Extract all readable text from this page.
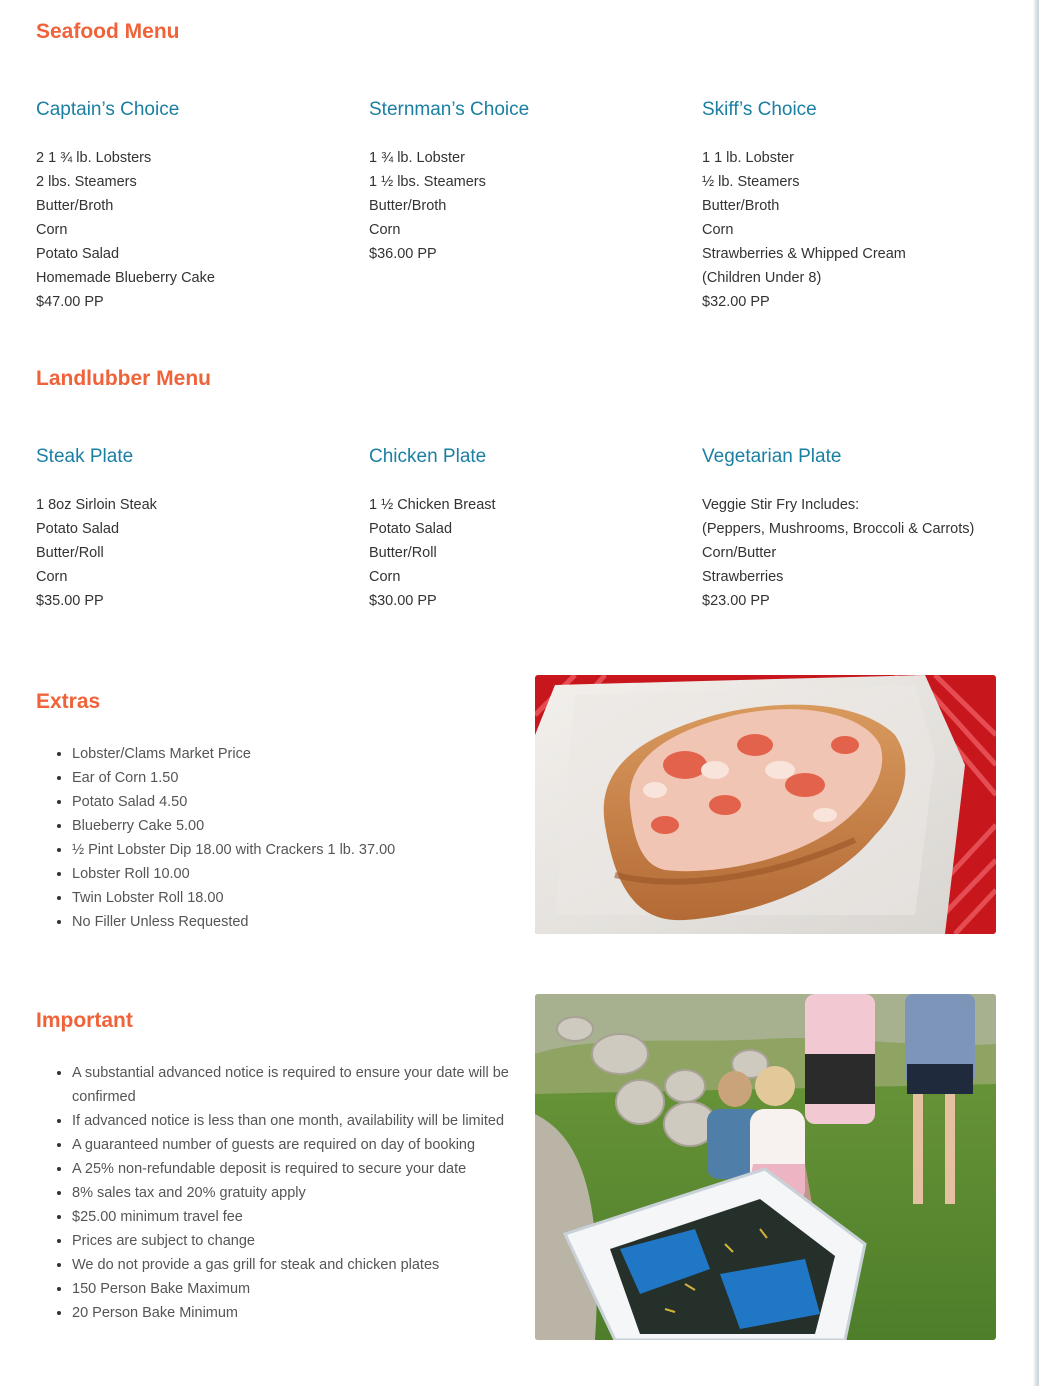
Seafood Menu
Captain’s Choice
2 1 ¾ lb. Lobsters
2 lbs. Steamers
Butter/Broth
Corn
Potato Salad
Homemade Blueberry Cake
$47.00 PP
Sternman’s Choice
1 ¾ lb. Lobster
1 ½ lbs. Steamers
Butter/Broth
Corn
$36.00 PP
Skiff’s Choice
1 1 lb. Lobster
½ lb. Steamers
Butter/Broth
Corn
Strawberries & Whipped Cream
(Children Under 8)
$32.00 PP
Landlubber Menu
Steak Plate
1 8oz Sirloin Steak
Potato Salad
Butter/Roll
Corn
$35.00 PP
Chicken Plate
1 ½ Chicken Breast
Potato Salad
Butter/Roll
Corn
$30.00 PP
Vegetarian Plate
Veggie Stir Fry Includes:
(Peppers, Mushrooms, Broccoli & Carrots)
Corn/Butter
Strawberries
$23.00 PP
Extras
• Lobster/Clams Market Price
• Ear of Corn 1.50
• Potato Salad 4.50
• Blueberry Cake 5.00
• ½ Pint Lobster Dip 18.00 with Crackers 1 lb. 37.00
• Lobster Roll 10.00
• Twin Lobster Roll 18.00
• No Filler Unless Requested
Important
• A substantial advanced notice is required to ensure your date will be confirmed
• If advanced notice is less than one month, availability will be limited
• A guaranteed number of guests are required on day of booking
• A 25% non-refundable deposit is required to secure your date
• 8% sales tax and 20% gratuity apply
• $25.00 minimum travel fee
• Prices are subject to change
• We do not provide a gas grill for steak and chicken plates
• 150 Person Bake Maximum
• 20 Person Bake Minimum
